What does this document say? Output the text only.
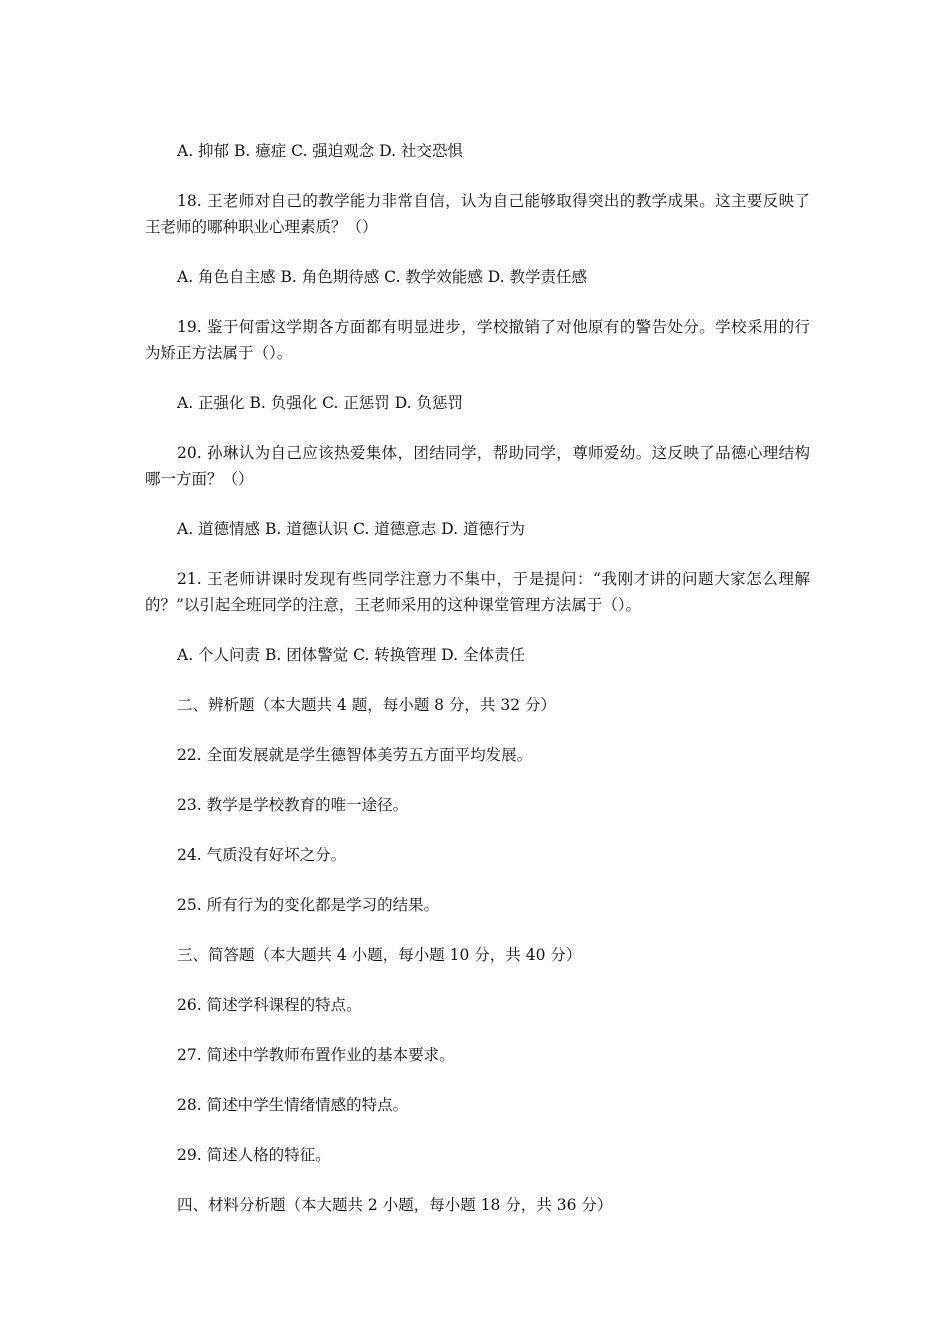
A. 抑郁 B. 癔症 C. 强迫观念 D. 社交恐惧

18. 王老师对自己的教学能力非常自信，认为自己能够取得突出的教学成果。这主要反映了王老师的哪种职业心理素质？（）

A. 角色自主感 B. 角色期待感 C. 教学效能感 D. 教学责任感

19. 鉴于何雷这学期各方面都有明显进步，学校撤销了对他原有的警告处分。学校采用的行为矫正方法属于（）。

A. 正强化 B. 负强化 C. 正惩罚 D. 负惩罚

20. 孙琳认为自己应该热爱集体，团结同学，帮助同学，尊师爱幼。这反映了品德心理结构哪一方面？（）

A. 道德情感 B. 道德认识 C. 道德意志 D. 道德行为

21. 王老师讲课时发现有些同学注意力不集中，于是提问：“我刚才讲的问题大家怎么理解的？”以引起全班同学的注意，王老师采用的这种课堂管理方法属于（）。

A. 个人问责 B. 团体警觉 C. 转换管理 D. 全体责任

二、辨析题（本大题共 4 题，每小题 8 分，共 32 分）

22. 全面发展就是学生德智体美劳五方面平均发展。

23. 教学是学校教育的唯一途径。

24. 气质没有好坏之分。

25. 所有行为的变化都是学习的结果。

三、简答题（本大题共 4 小题，每小题 10 分，共 40 分）

26. 简述学科课程的特点。

27. 简述中学教师布置作业的基本要求。

28. 简述中学生情绪情感的特点。

29. 简述人格的特征。

四、材料分析题（本大题共 2 小题，每小题 18 分，共 36 分）
